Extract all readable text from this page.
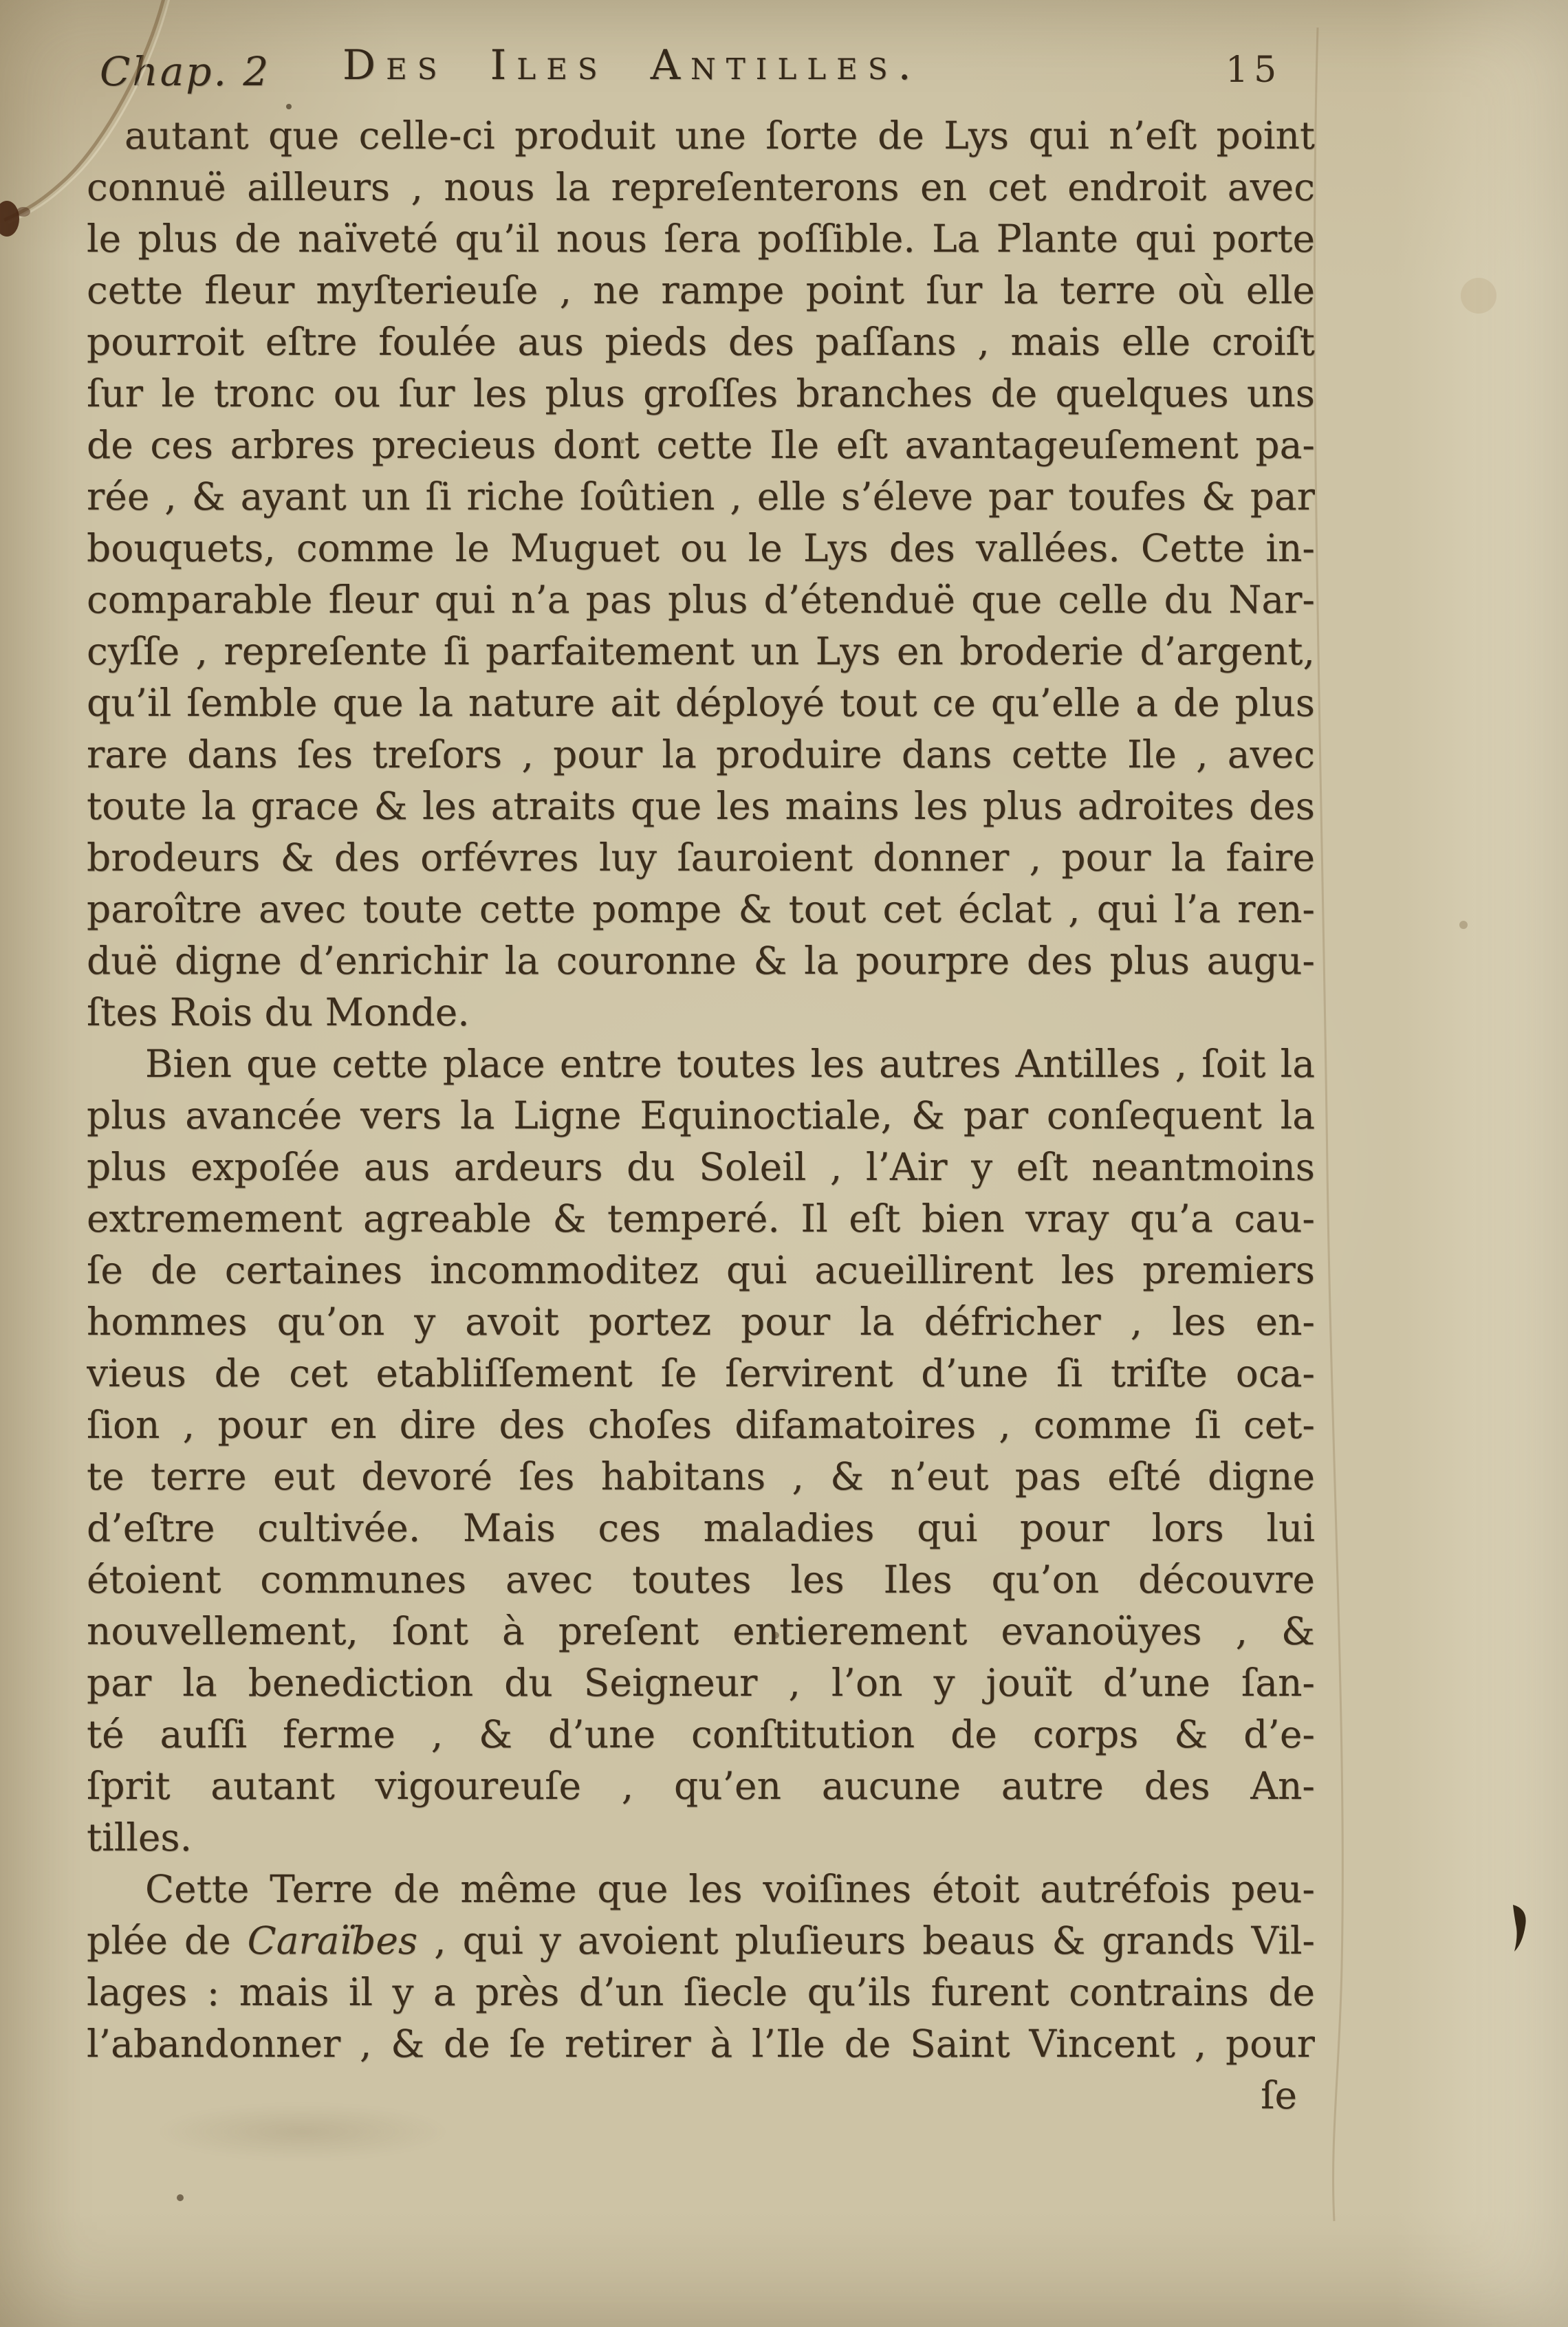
Chap. 2 Des Iles Antilles.	15
autant que celle-ci produit une ſorte de Lys qui n’eſt point
connuë ailleurs , nous la repreſenterons en cet endroit avec
le plus de naïveté qu’il nous ſera poſſible. La Plante qui porte
cette fleur myſterieuſe , ne rampe point ſur la terre où elle
pourroit eſtre foulée aus pieds des paſſans , mais elle croiſt
ſur le tronc ou ſur les plus groſſes branches de quelques uns
de ces arbres precieus dont cette Ile eſt avantageuſement pa-
rée , & ayant un ſi riche ſoûtien , elle s’éleve par toufes & par
bouquets, comme le Muguet ou le Lys des vallées. Cette in-
comparable fleur qui n’a pas plus d’étenduë que celle du Nar-
cyſſe , repreſente ſi parfaitement un Lys en broderie d’argent,
qu’il ſemble que la nature ait déployé tout ce qu’elle a de plus
rare dans ſes treſors , pour la produire dans cette Ile , avec
toute la grace & les atraits que les mains les plus adroites des
brodeurs & des orfévres luy ſauroient donner , pour la faire
paroître avec toute cette pompe & tout cet éclat , qui l’a ren-
duë digne d’enrichir la couronne & la pourpre des plus augu-
ſtes Rois du Monde.
Bien que cette place entre toutes les autres Antilles , ſoit la
plus avancée vers la Ligne Equinoctiale, & par conſequent la
plus expoſée aus ardeurs du Soleil , l’Air y eſt neantmoins
extremement agreable & temperé. Il eſt bien vray qu’a cau-
ſe de certaines incommoditez qui acueillirent les premiers
hommes qu’on y avoit portez pour la défricher , les en-
vieus de cet etabliſſement ſe ſervirent d’une ſi triſte oca-
ſion , pour en dire des choſes difamatoires , comme ſi cet-
te terre eut devoré ſes habitans , & n’eut pas eſté digne
d’eſtre cultivée. Mais ces maladies qui pour lors lui
étoient communes avec toutes les Iles qu’on découvre
nouvellement, ſont à preſent entierement evanoüyes , &
par la benediction du Seigneur , l’on y jouït d’une ſan-
té auſſi ferme , & d’une conſtitution de corps & d’e-
ſprit autant vigoureuſe , qu’en aucune autre des An-
tilles.
Cette Terre de même que les voiſines étoit autréfois peu-
plée de Caraïbes , qui y avoient pluſieurs beaus & grands Vil-
lages : mais il y a près d’un ſiecle qu’ils furent contrains de
l’abandonner , & de ſe retirer à l’Ile de Saint Vincent , pour
ſe
